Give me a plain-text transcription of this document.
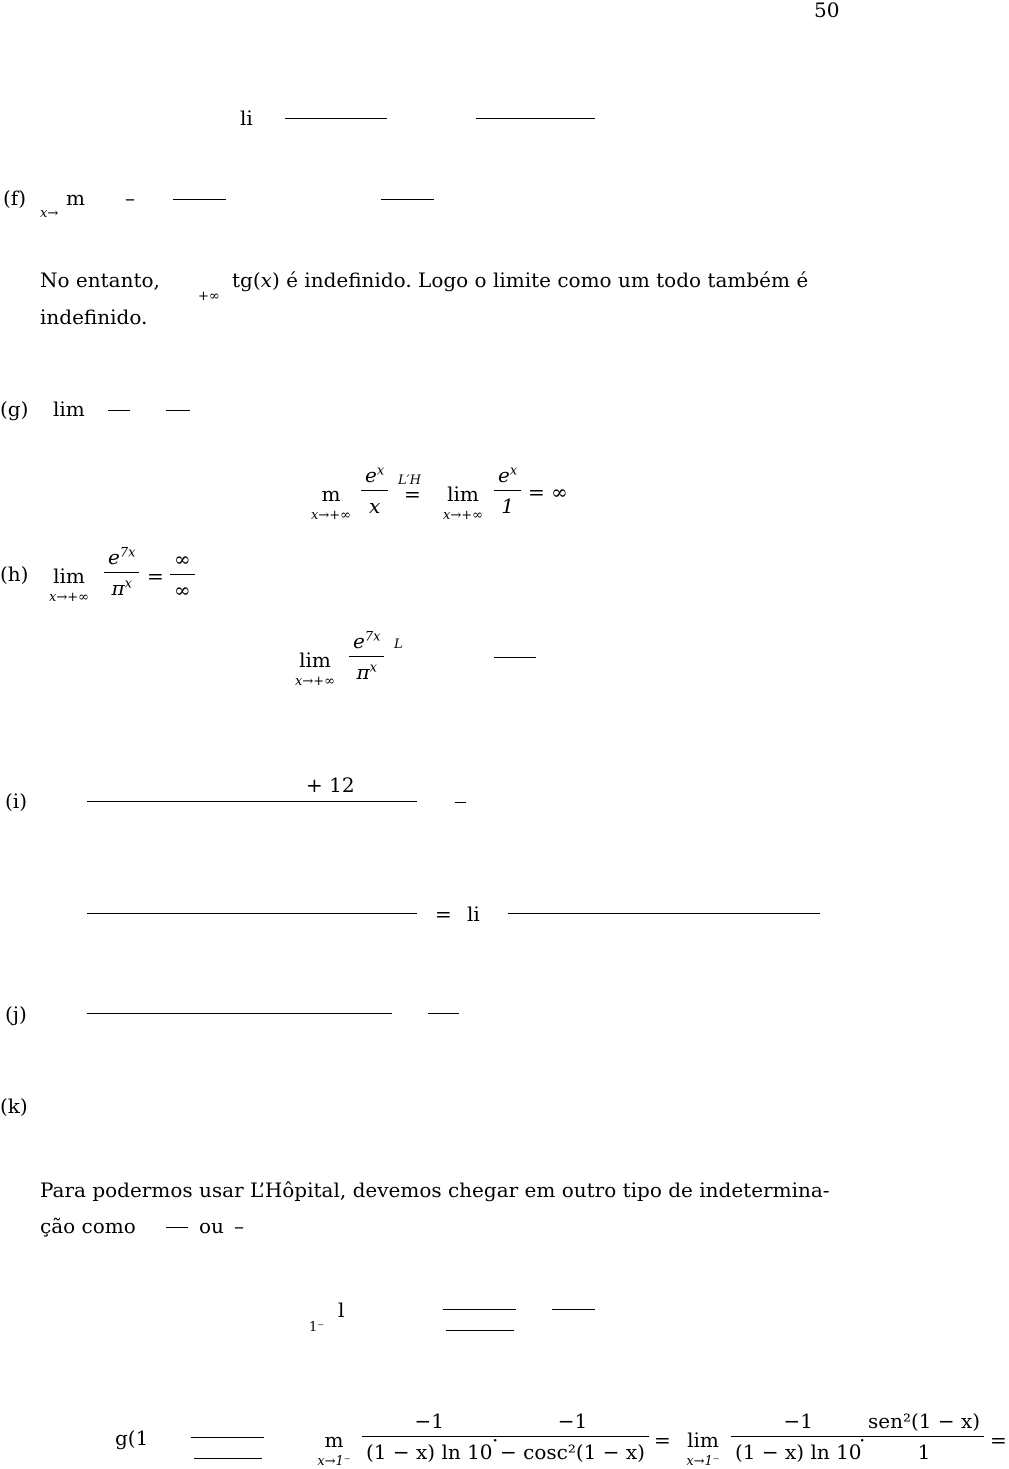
50
li
(f) m
x→
–
No entanto,
+∞
tg(x) é indefinido. Logo o limite como um todo também é
indefinido.
(g) lim
m
$x\to+\infty \frac{e^x}{x} L'H$
=	lim
$x\to+\infty \frac{e^x}{1}$ = ∞
(h)	lim
$x\to+\infty \frac{e^{7x}}{\pi^x}$ =
∞
∞
lim
$x\to+\infty \frac{e^{7x}}{\pi^x}$ L
(i)
+ 12
= li
(j)
(k)
Para podermos usar L’Hôpital, devemos chegar em outro tipo de indetermina-
ção como	ou –
1⁻
l
g(1	m
$x\to 1^- \frac{-1}{(1 - x) \ln 10}$
·
$\frac{-1}{\text{− cosc²(1 − x)}} = \lim$
$x\to 1^- \frac{-1}{(1 - x) \ln 10}$
·
sen²(1 − x)
1	=
